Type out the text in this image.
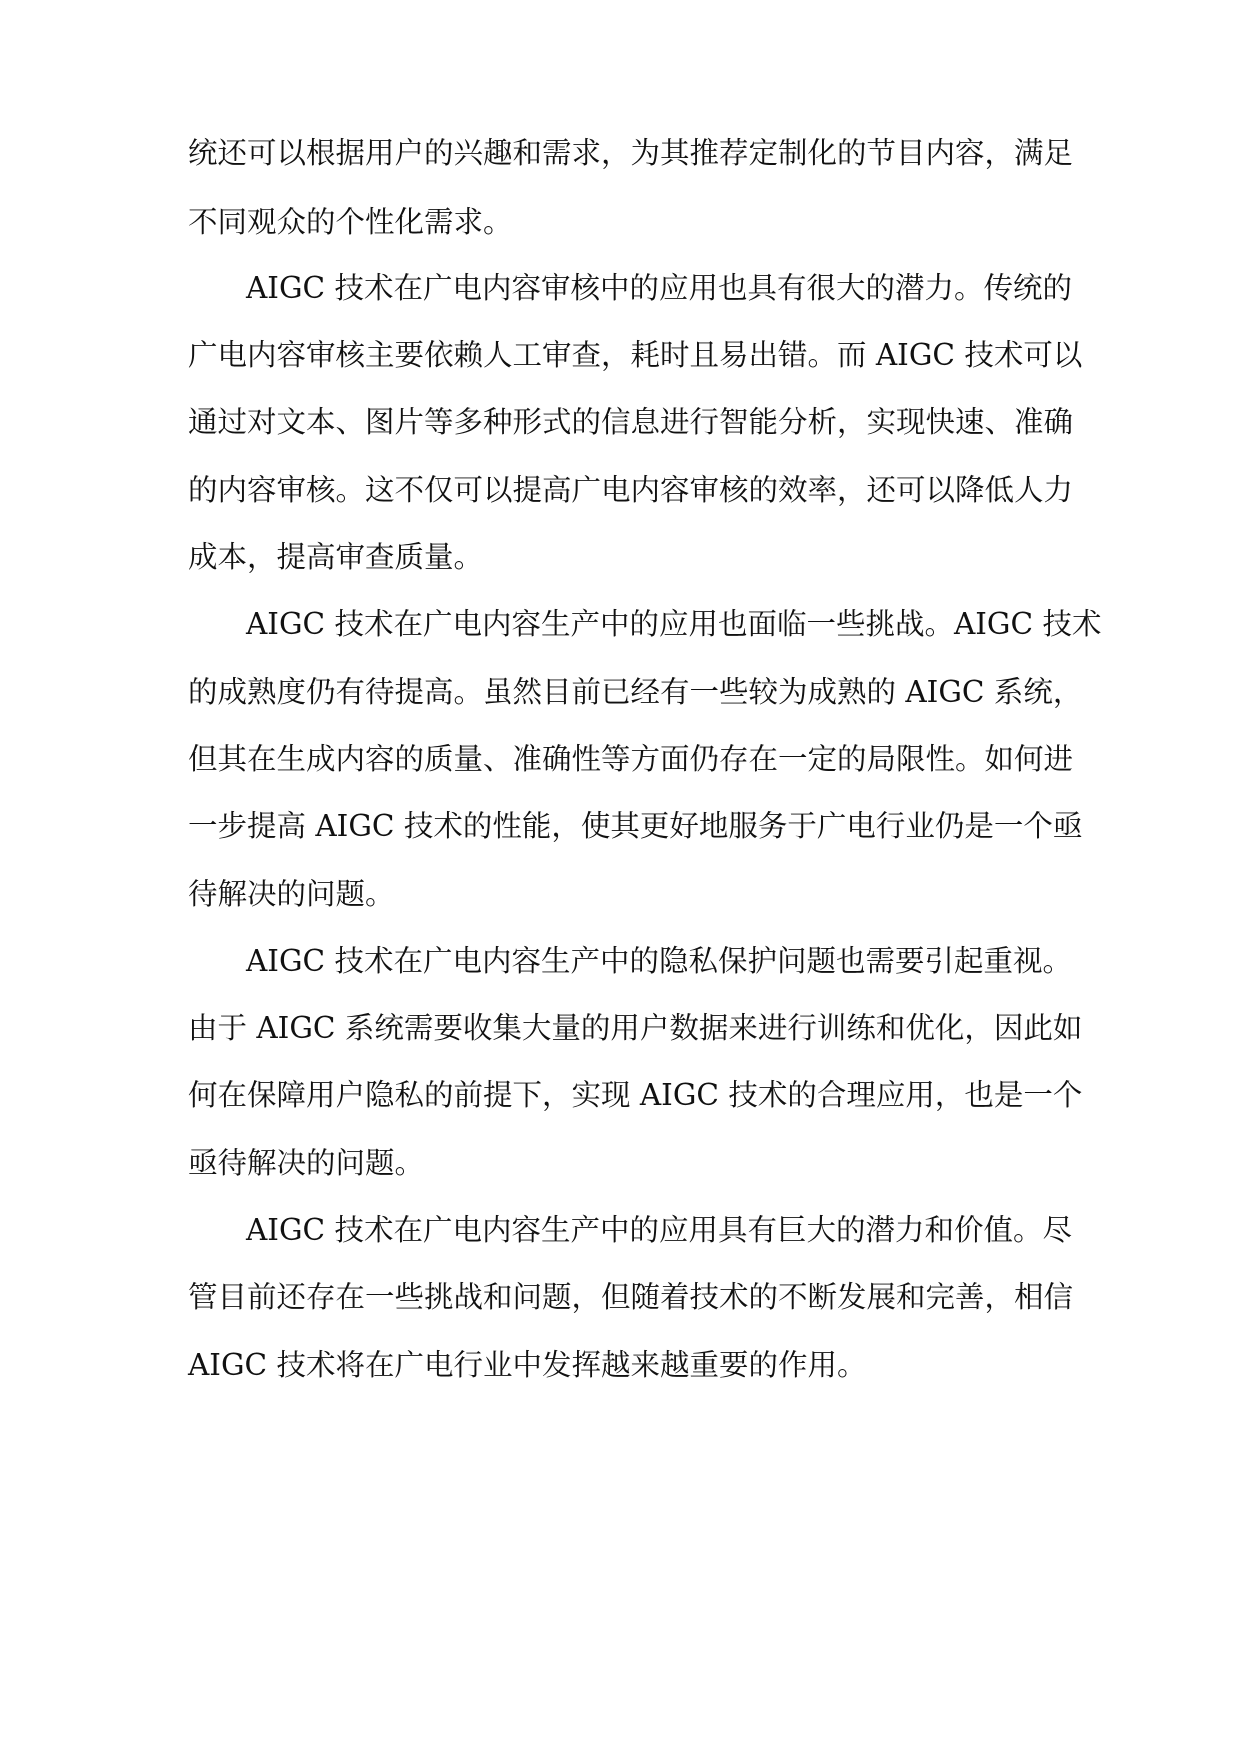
统还可以根据用户的兴趣和需求，为其推荐定制化的节目内容，满足
不同观众的个性化需求。
AIGC 技术在广电内容审核中的应用也具有很大的潜力。传统的
广电内容审核主要依赖人工审查，耗时且易出错。而 AIGC 技术可以
通过对文本、图片等多种形式的信息进行智能分析，实现快速、准确
的内容审核。这不仅可以提高广电内容审核的效率，还可以降低人力
成本，提高审查质量。
AIGC 技术在广电内容生产中的应用也面临一些挑战。AIGC 技术
的成熟度仍有待提高。虽然目前已经有一些较为成熟的 AIGC 系统，
但其在生成内容的质量、准确性等方面仍存在一定的局限性。如何进
一步提高 AIGC 技术的性能，使其更好地服务于广电行业仍是一个亟
待解决的问题。
AIGC 技术在广电内容生产中的隐私保护问题也需要引起重视。
由于 AIGC 系统需要收集大量的用户数据来进行训练和优化，因此如
何在保障用户隐私的前提下，实现 AIGC 技术的合理应用，也是一个
亟待解决的问题。
AIGC 技术在广电内容生产中的应用具有巨大的潜力和价值。尽
管目前还存在一些挑战和问题，但随着技术的不断发展和完善，相信
AIGC 技术将在广电行业中发挥越来越重要的作用。
